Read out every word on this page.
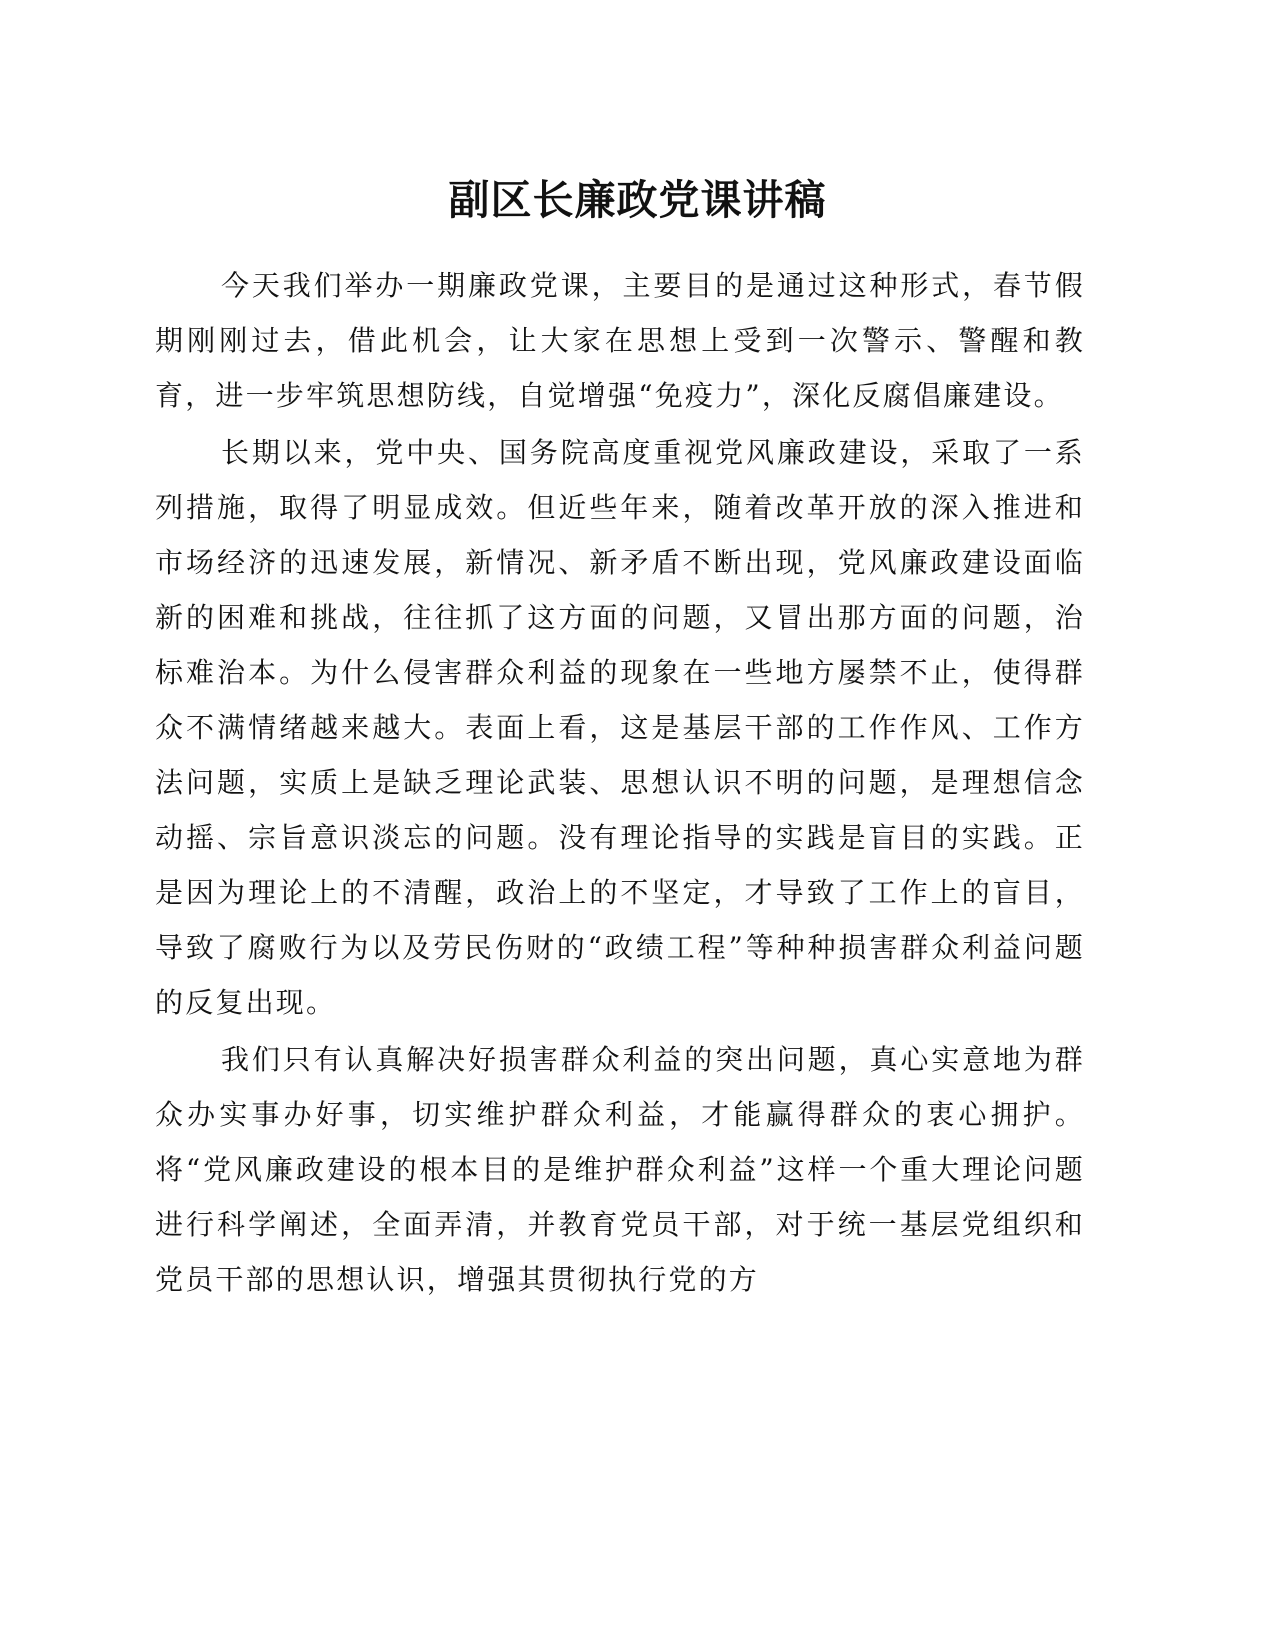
副区长廉政党课讲稿

今天我们举办一期廉政党课，主要目的是通过这种形式，春节假期刚刚过去，借此机会，让大家在思想上受到一次警示、警醒和教育，进一步牢筑思想防线，自觉增强“免疫力”，深化反腐倡廉建设。

长期以来，党中央、国务院高度重视党风廉政建设，采取了一系列措施，取得了明显成效。但近些年来，随着改革开放的深入推进和市场经济的迅速发展，新情况、新矛盾不断出现，党风廉政建设面临新的困难和挑战，往往抓了这方面的问题，又冒出那方面的问题，治标难治本。为什么侵害群众利益的现象在一些地方屡禁不止，使得群众不满情绪越来越大。表面上看，这是基层干部的工作作风、工作方法问题，实质上是缺乏理论武装、思想认识不明的问题，是理想信念动摇、宗旨意识淡忘的问题。没有理论指导的实践是盲目的实践。正是因为理论上的不清醒，政治上的不坚定，才导致了工作上的盲目，导致了腐败行为以及劳民伤财的“政绩工程”等种种损害群众利益问题的反复出现。

我们只有认真解决好损害群众利益的突出问题，真心实意地为群众办实事办好事，切实维护群众利益，才能赢得群众的衷心拥护。将“党风廉政建设的根本目的是维护群众利益”这样一个重大理论问题进行科学阐述，全面弄清，并教育党员干部，对于统一基层党组织和党员干部的思想认识，增强其贯彻执行党的方
